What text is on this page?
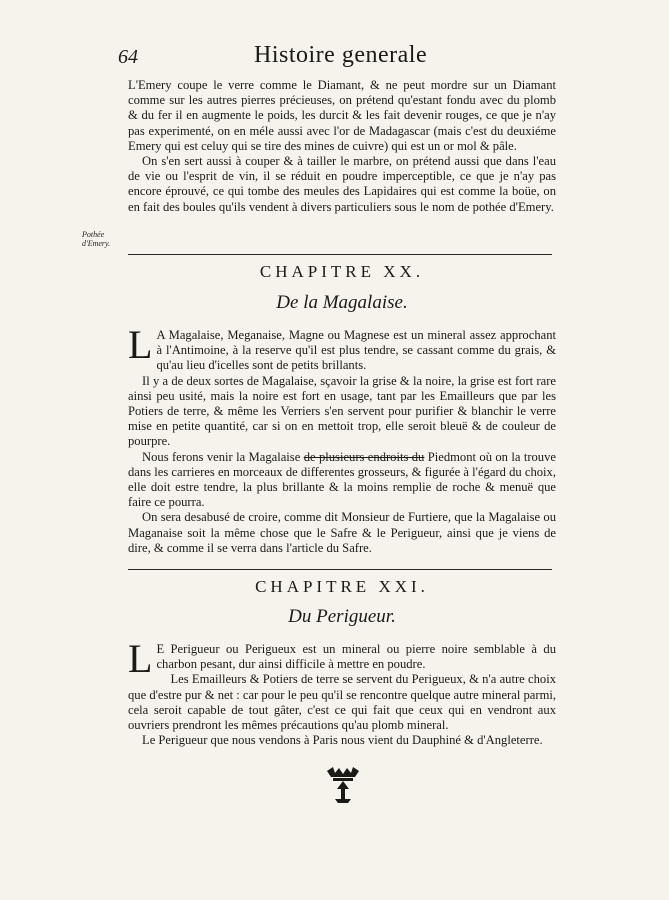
64	Histoire generale

L'Emery coupe le verre comme le Diamant, & ne peut mordre sur un Diamant comme sur les autres pierres précieuses, on prétend qu'estant fondu avec du plomb & du fer il en augmente le poids, les durcit & les fait devenir rouges, ce que je n'ay pas experimenté, on en méle aussi avec l'or de Madagascar (mais c'est du deuxiéme Emery qui est celuy qui se tire des mines de cuivre) qui est un or mol & pâle.

On s'en sert aussi à couper & à tailler le marbre, on prétend aussi que dans l'eau de vie ou l'esprit de vin, il se réduit en poudre imperceptible, ce que je n'ay pas encore éprouvé, ce qui tombe des meules des Lapidaires qui est comme la boüe, on en fait des boules qu'ils vendent à divers particuliers sous le nom de pothée d'Emery.

Pothée d'Emery.
CHAPITRE XX.
De la Magalaise.

L A Magalaise, Meganaise, Magne ou Magnese est un mineral assez approchant à l'Antimoine, à la reserve qu'il est plus tendre, se cassant comme du grais, & qu'au lieu d'icelles sont de petits brillants.

Il y a de deux sortes de Magalaise, sçavoir la grise & la noire, la grise est fort rare ainsi peu usité, mais la noire est fort en usage, tant par les Emailleurs que par les Potiers de terre, & même les Verriers s'en servent pour purifier & blanchir le verre mise en petite quantité, car si on en mettoit trop, elle seroit bleuë & de couleur de pourpre.

Nous ferons venir la Magalaise de plusieurs endroits du Piedmont où on la trouve dans les carrieres en morceaux de differentes grosseurs, & figurée à l'égard du choix, elle doit estre tendre, la plus brillante & la moins remplie de roche & menuë que faire ce pourra.

On sera desabusé de croire, comme dit Monsieur de Furtiere, que la Magalaise ou Maganaise soit la même chose que le Safre & le Perigueur, ainsi que je viens de dire, & comme il se verra dans l'article du Safre.

CHAPITRE XXI.
Du Perigueur.

L E Perigueur ou Perigueux est un mineral ou pierre noire semblable à du charbon pesant, dur ainsi difficile à mettre en poudre.

Les Emailleurs & Potiers de terre se servent du Perigueux, & n'a autre choix que d'estre pur & net : car pour le peu qu'il se rencontre quelque autre mineral parmi, cela seroit capable de tout gâter, c'est ce qui fait que ceux qui en vendront aux ouvriers prendront les mêmes précautions qu'au plomb mineral.

Le Perigueur que nous vendons à Paris nous vient du Dauphiné & d'Angleterre.
